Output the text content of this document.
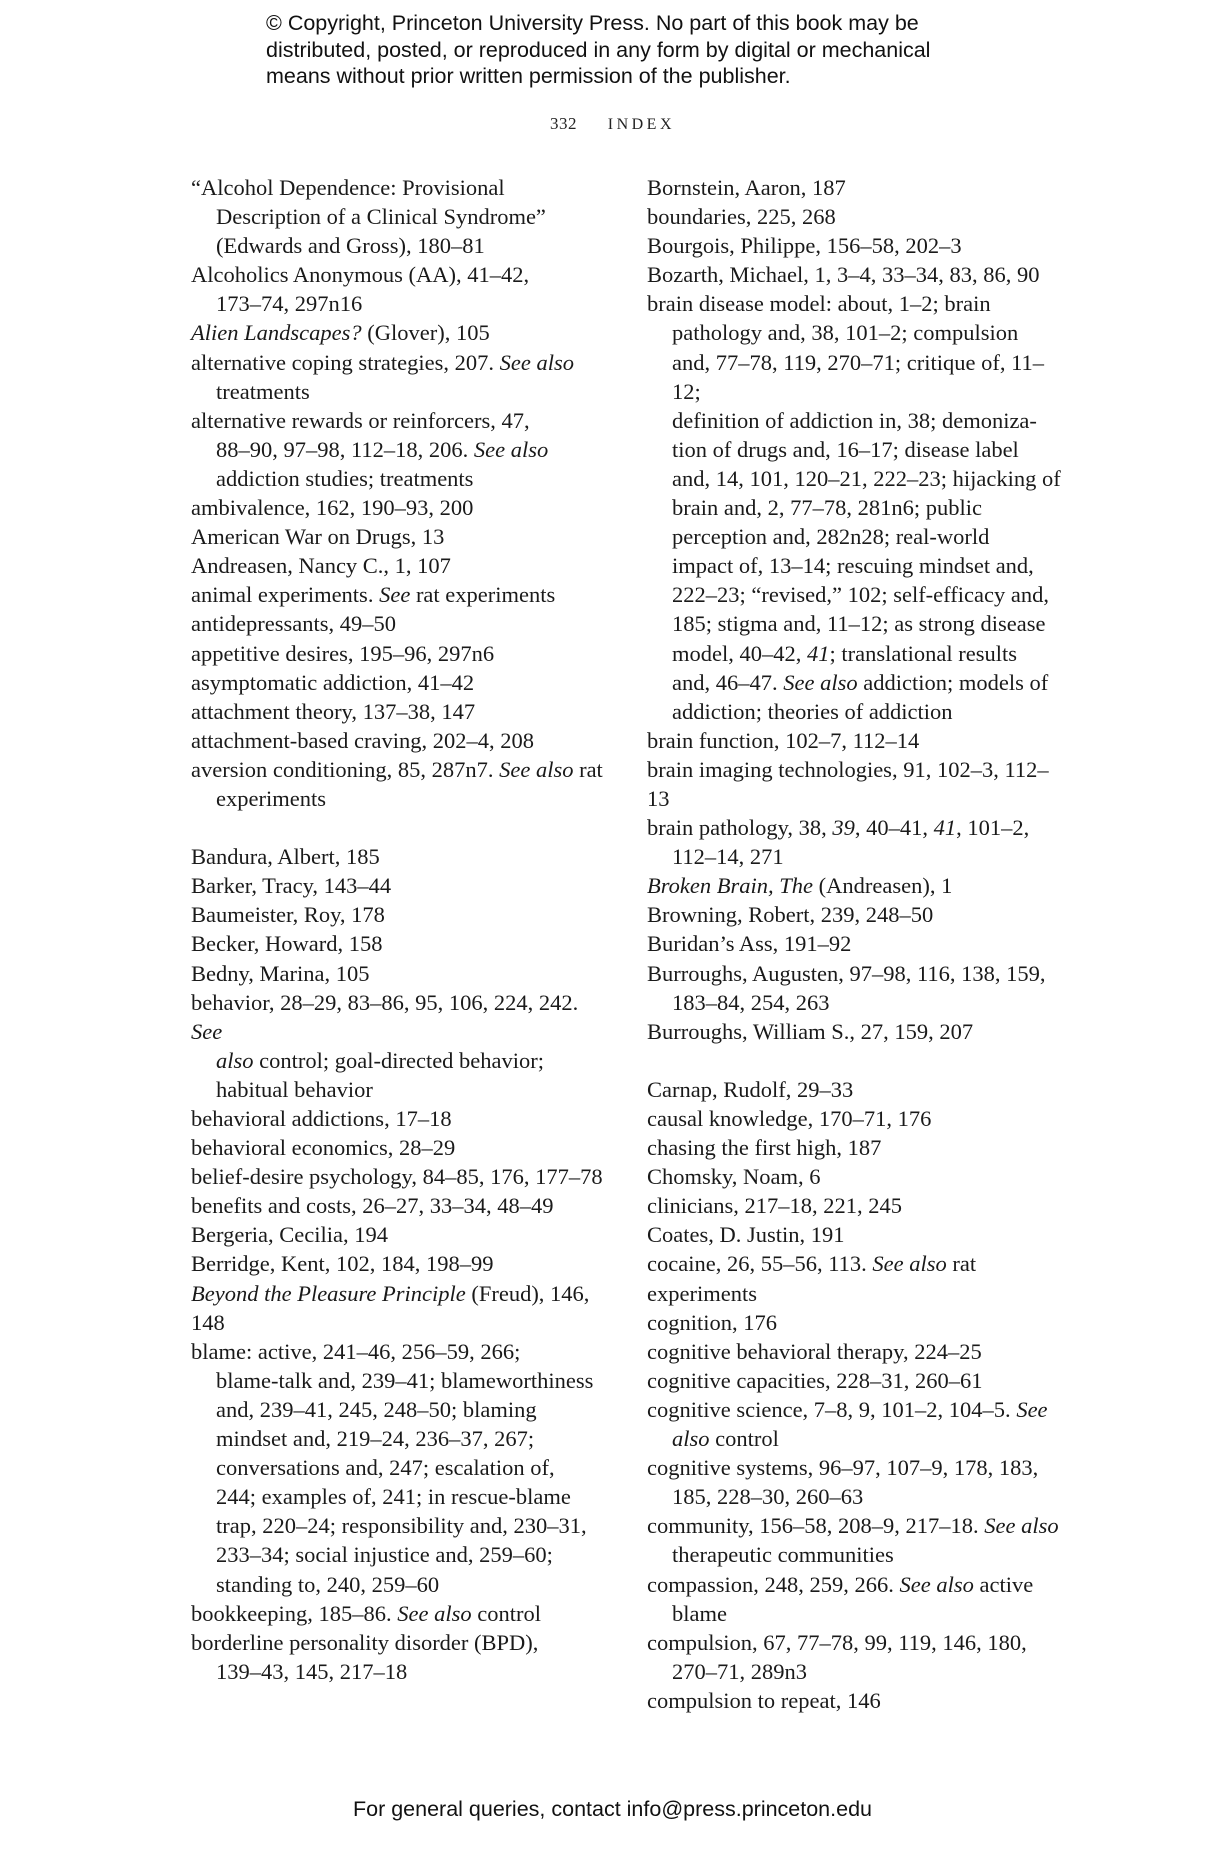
© Copyright, Princeton University Press. No part of this book may be

distributed, posted, or reproduced in any form by digital or mechanical

means without prior written permission of the publisher.

332 INDEX
“Alcohol Dependence: Provisional
Description of a Clinical Syndrome”
(Edwards and Gross), 180–81
Alcoholics Anonymous (AA), 41–42,
173–74, 297n16
Alien Landscapes? (Glover), 105
alternative coping strategies, 207. See also
treatments
alternative rewards or reinforcers, 47,
88–90, 97–98, 112–18, 206. See also
addiction studies; treatments
ambivalence, 162, 190–93, 200
American War on Drugs, 13
Andreasen, Nancy C., 1, 107
animal experiments. See rat experiments
antidepressants, 49–50
appetitive desires, 195–96, 297n6
asymptomatic addiction, 41–42
attachment theory, 137–38, 147
attachment-based craving, 202–4, 208
aversion conditioning, 85, 287n7. See also rat
experiments
Bandura, Albert, 185
Barker, Tracy, 143–44
Baumeister, Roy, 178
Becker, Howard, 158
Bedny, Marina, 105
behavior, 28–29, 83–86, 95, 106, 224, 242. See
also control; goal-directed behavior;
habitual behavior
behavioral addictions, 17–18
behavioral economics, 28–29
belief-desire psychology, 84–85, 176, 177–78
benefits and costs, 26–27, 33–34, 48–49
Bergeria, Cecilia, 194
Berridge, Kent, 102, 184, 198–99
Beyond the Pleasure Principle (Freud), 146, 148
blame: active, 241–46, 256–59, 266;
blame-talk and, 239–41; blameworthiness
and, 239–41, 245, 248–50; blaming
mindset and, 219–24, 236–37, 267;
conversations and, 247; escalation of,
244; examples of, 241; in rescue-blame
trap, 220–24; responsibility and, 230–31,
233–34; social injustice and, 259–60;
standing to, 240, 259–60
bookkeeping, 185–86. See also control
borderline personality disorder (BPD),
139–43, 145, 217–18
Bornstein, Aaron, 187
boundaries, 225, 268
Bourgois, Philippe, 156–58, 202–3
Bozarth, Michael, 1, 3–4, 33–34, 83, 86, 90
brain disease model: about, 1–2; brain
pathology and, 38, 101–2; compulsion
and, 77–78, 119, 270–71; critique of, 11–12;
definition of addiction in, 38; demoniza-
tion of drugs and, 16–17; disease label
and, 14, 101, 120–21, 222–23; hijacking of
brain and, 2, 77–78, 281n6; public
perception and, 282n28; real-world
impact of, 13–14; rescuing mindset and,
222–23; “revised,” 102; self-efficacy and,
185; stigma and, 11–12; as strong disease
model, 40–42, 41; translational results
and, 46–47. See also addiction; models of
addiction; theories of addiction
brain function, 102–7, 112–14
brain imaging technologies, 91, 102–3, 112–13
brain pathology, 38, 39, 40–41, 41, 101–2,
112–14, 271
Broken Brain, The (Andreasen), 1
Browning, Robert, 239, 248–50
Buridan’s Ass, 191–92
Burroughs, Augusten, 97–98, 116, 138, 159,
183–84, 254, 263
Burroughs, William S., 27, 159, 207
Carnap, Rudolf, 29–33
causal knowledge, 170–71, 176
chasing the first high, 187
Chomsky, Noam, 6
clinicians, 217–18, 221, 245
Coates, D. Justin, 191
cocaine, 26, 55–56, 113. See also rat experiments
cognition, 176
cognitive behavioral therapy, 224–25
cognitive capacities, 228–31, 260–61
cognitive science, 7–8, 9, 101–2, 104–5. See
also control
cognitive systems, 96–97, 107–9, 178, 183,
185, 228–30, 260–63
community, 156–58, 208–9, 217–18. See also
therapeutic communities
compassion, 248, 259, 266. See also active
blame
compulsion, 67, 77–78, 99, 119, 146, 180,
270–71, 289n3
compulsion to repeat, 146
For general queries, contact info@press.princeton.edu
